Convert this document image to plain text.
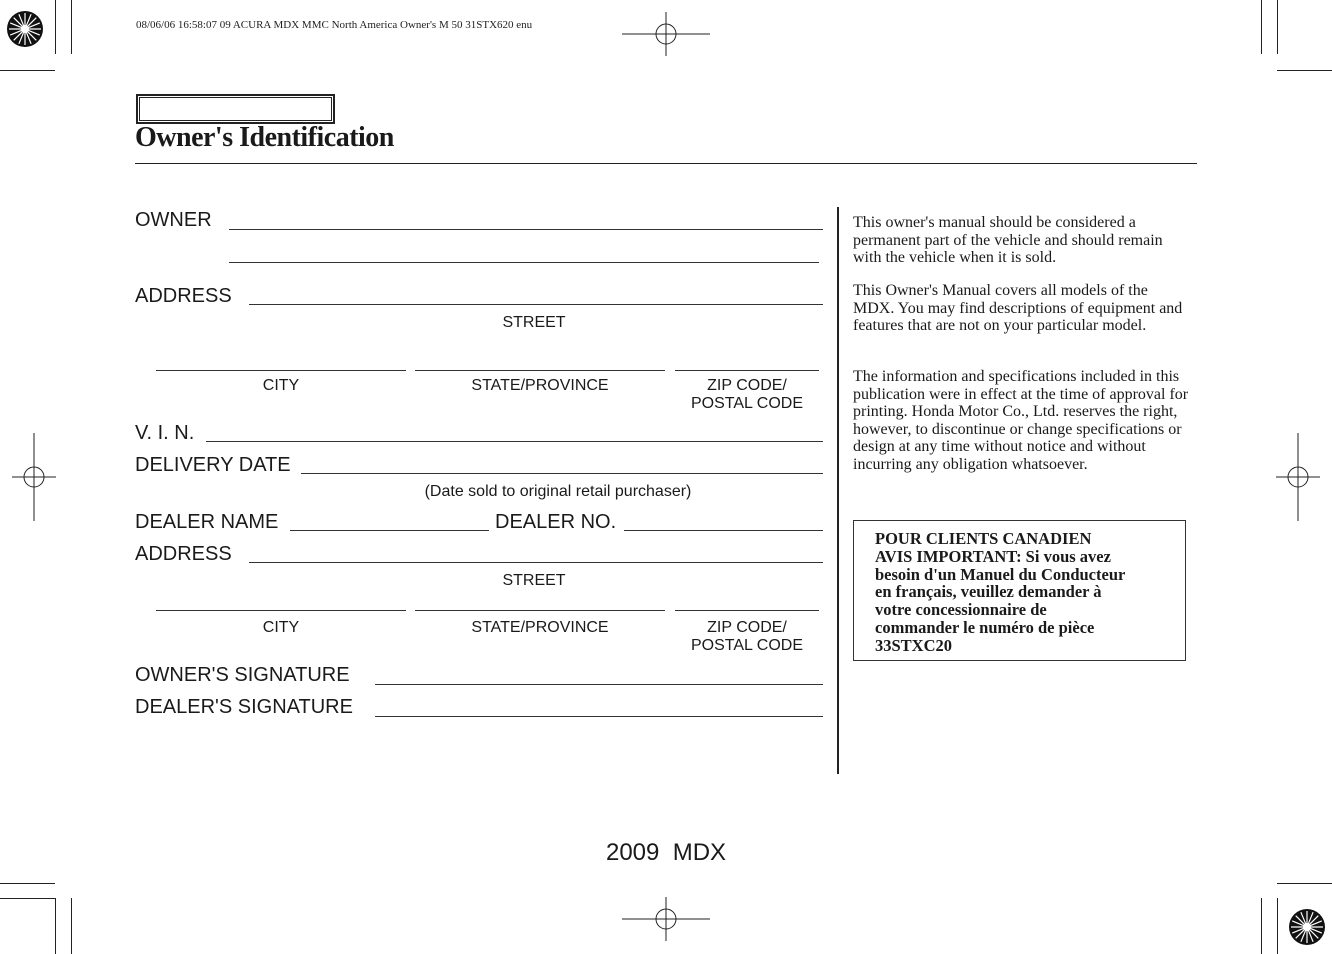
08/06/06 16:58:07 09 ACURA MDX MMC North America Owner's M 50 31STX620 enu
Owner's Identification
OWNER
ADDRESS
STREET
CITY	STATE/PROVINCE	ZIP CODE/
POSTAL CODE
V. I. N.
DELIVERY DATE
(Date sold to original retail purchaser)
DEALER NAME	DEALER NO.
ADDRESS
STREET
CITY	STATE/PROVINCE	ZIP CODE/
POSTAL CODE
OWNER'S SIGNATURE
DEALER'S SIGNATURE
This owner's manual should be considered a permanent part of the vehicle and should remain with the vehicle when it is sold.
This Owner's Manual covers all models of the MDX. You may find descriptions of equipment and features that are not on your particular model.
The information and specifications included in this publication were in effect at the time of approval for printing. Honda Motor Co., Ltd. reserves the right, however, to discontinue or change specifications or design at any time without notice and without incurring any obligation whatsoever.
POUR CLIENTS CANADIEN
AVIS IMPORTANT: Si vous avez
besoin d'un Manuel du Conducteur
en français, veuillez demander à
votre concessionnaire de
commander le numéro de pièce
33STXC20
2009  MDX
